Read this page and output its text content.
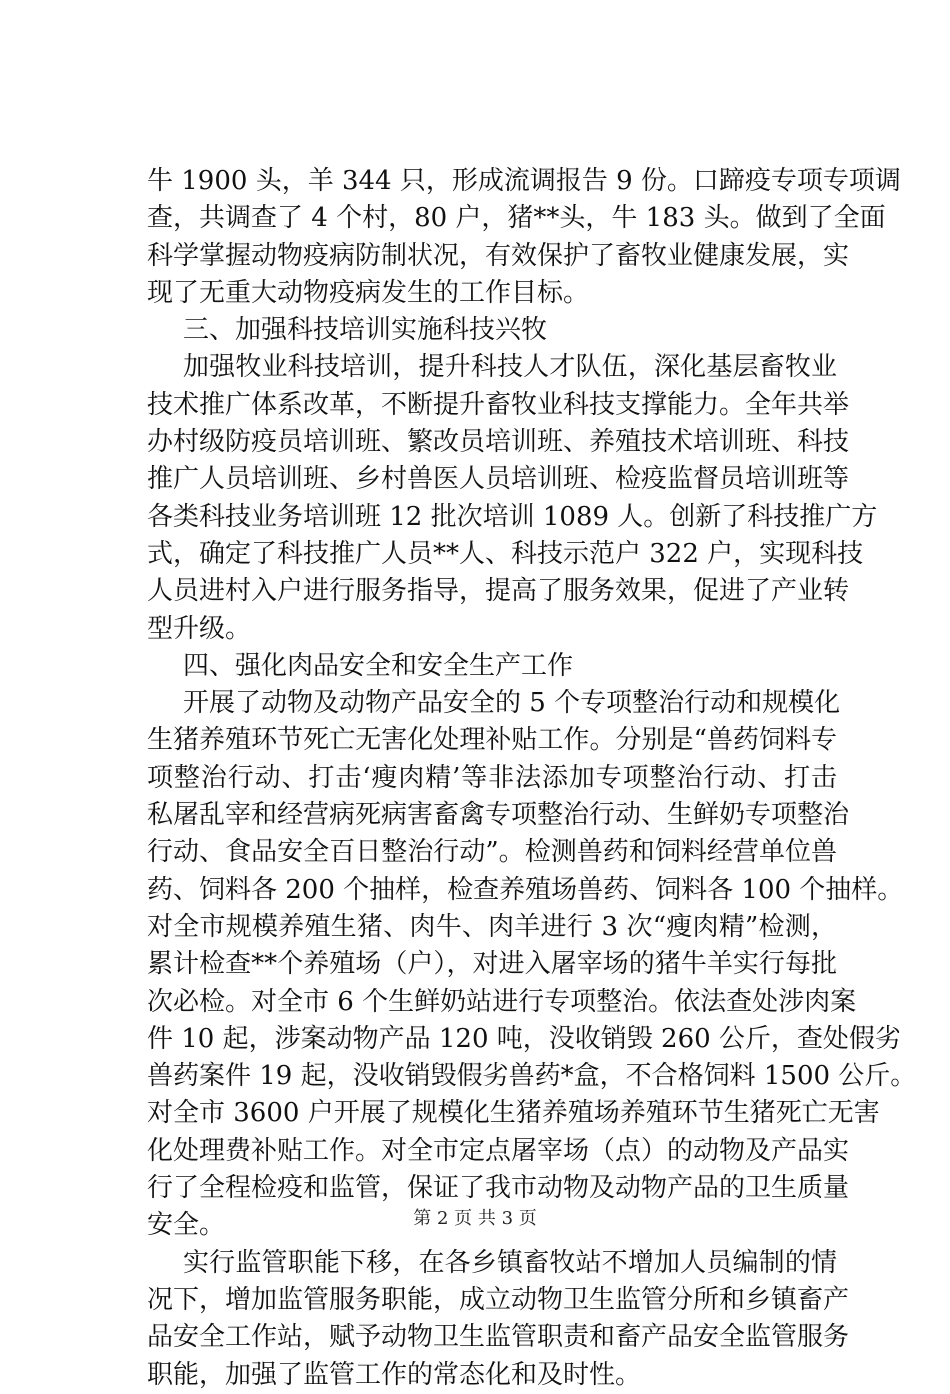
牛 1900 头，羊 344 只，形成流调报告 9 份。口蹄疫专项专项调
查，共调查了 4 个村，80 户，猪**头，牛 183 头。做到了全面
科学掌握动物疫病防制状况，有效保护了畜牧业健康发展，实
现了无重大动物疫病发生的工作目标。
三、加强科技培训实施科技兴牧
加强牧业科技培训，提升科技人才队伍，深化基层畜牧业
技术推广体系改革，不断提升畜牧业科技支撑能力。全年共举
办村级防疫员培训班、繁改员培训班、养殖技术培训班、科技
推广人员培训班、乡村兽医人员培训班、检疫监督员培训班等
各类科技业务培训班 12 批次培训 1089 人。创新了科技推广方
式，确定了科技推广人员**人、科技示范户 322 户，实现科技
人员进村入户进行服务指导，提高了服务效果，促进了产业转
型升级。
四、强化肉品安全和安全生产工作
开展了动物及动物产品安全的 5 个专项整治行动和规模化
生猪养殖环节死亡无害化处理补贴工作。分别是“兽药饲料专
项整治行动、打击‘瘦肉精’等非法添加专项整治行动、打击
私屠乱宰和经营病死病害畜禽专项整治行动、生鲜奶专项整治
行动、食品安全百日整治行动”。检测兽药和饲料经营单位兽
药、饲料各 200 个抽样，检查养殖场兽药、饲料各 100 个抽样。
对全市规模养殖生猪、肉牛、肉羊进行 3 次“瘦肉精”检测，
累计检查**个养殖场（户），对进入屠宰场的猪牛羊实行每批
次必检。对全市 6 个生鲜奶站进行专项整治。依法查处涉肉案
件 10 起，涉案动物产品 120 吨，没收销毁 260 公斤，查处假劣
兽药案件 19 起，没收销毁假劣兽药*盒，不合格饲料 1500 公斤。
对全市 3600 户开展了规模化生猪养殖场养殖环节生猪死亡无害
化处理费补贴工作。对全市定点屠宰场（点）的动物及产品实
行了全程检疫和监管，保证了我市动物及动物产品的卫生质量
安全。
实行监管职能下移，在各乡镇畜牧站不增加人员编制的情
况下，增加监管服务职能，成立动物卫生监管分所和乡镇畜产
品安全工作站，赋予动物卫生监管职责和畜产品安全监管服务
职能，加强了监管工作的常态化和及时性。
第 2 页 共 3 页
